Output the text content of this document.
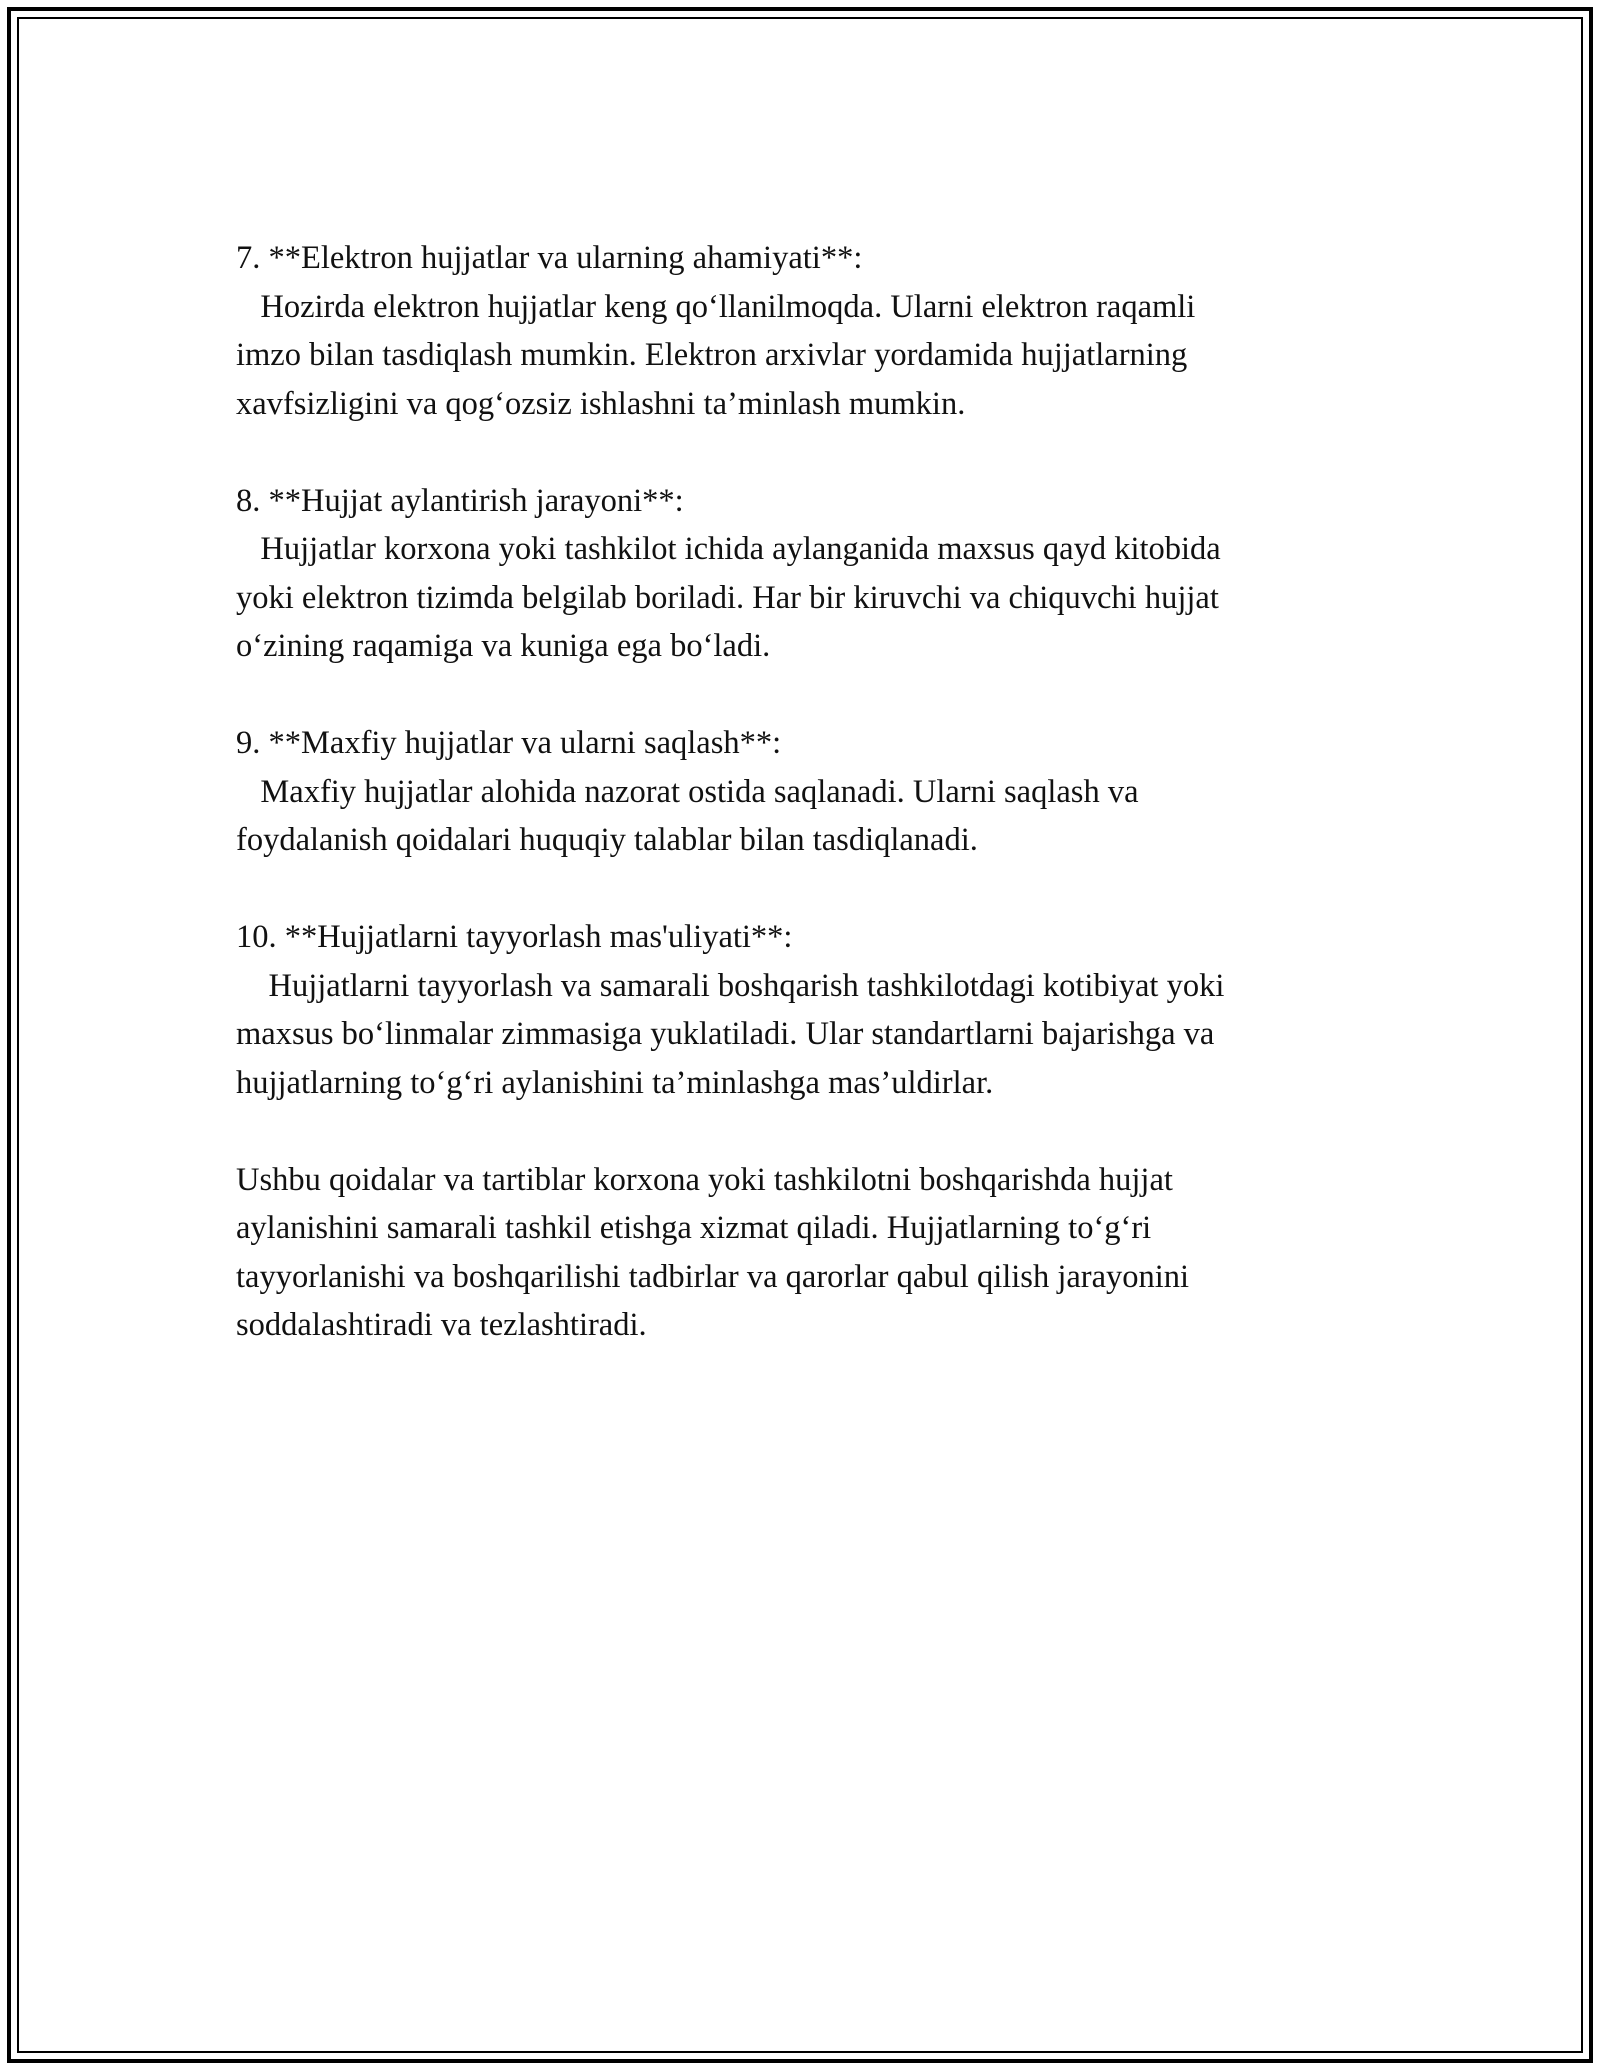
7. **Elektron hujjatlar va ularning ahamiyati**:
Hozirda elektron hujjatlar keng qo‘llanilmoqda. Ularni elektron raqamli
imzo bilan tasdiqlash mumkin. Elektron arxivlar yordamida hujjatlarning
xavfsizligini va qog‘ozsiz ishlashni ta’minlash mumkin.
8. **Hujjat aylantirish jarayoni**:
Hujjatlar korxona yoki tashkilot ichida aylanganida maxsus qayd kitobida
yoki elektron tizimda belgilab boriladi. Har bir kiruvchi va chiquvchi hujjat
o‘zining raqamiga va kuniga ega bo‘ladi.
9. **Maxfiy hujjatlar va ularni saqlash**:
Maxfiy hujjatlar alohida nazorat ostida saqlanadi. Ularni saqlash va
foydalanish qoidalari huquqiy talablar bilan tasdiqlanadi.
10. **Hujjatlarni tayyorlash mas'uliyati**:
Hujjatlarni tayyorlash va samarali boshqarish tashkilotdagi kotibiyat yoki
maxsus bo‘linmalar zimmasiga yuklatiladi. Ular standartlarni bajarishga va
hujjatlarning to‘g‘ri aylanishini ta’minlashga mas’uldirlar.
Ushbu qoidalar va tartiblar korxona yoki tashkilotni boshqarishda hujjat
aylanishini samarali tashkil etishga xizmat qiladi. Hujjatlarning to‘g‘ri
tayyorlanishi va boshqarilishi tadbirlar va qarorlar qabul qilish jarayonini
soddalashtiradi va tezlashtiradi.
